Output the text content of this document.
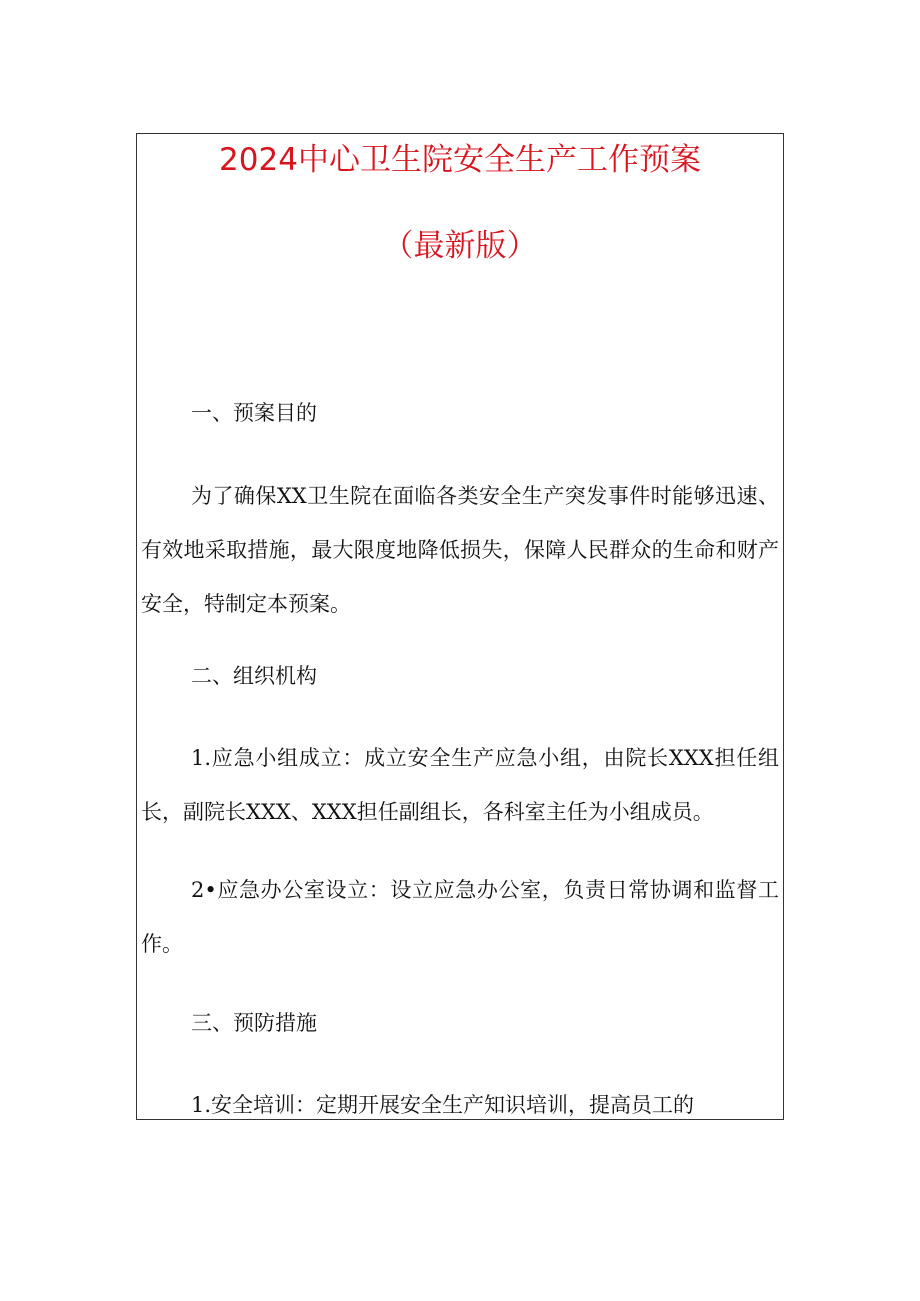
2024中心卫生院安全生产工作预案
（最新版）

一、预案目的

为了确保XX卫生院在面临各类安全生产突发事件时能够迅速、有效地采取措施，最大限度地降低损失，保障人民群众的生命和财产安全，特制定本预案。

二、组织机构

1.应急小组成立：成立安全生产应急小组，由院长XXX担任组长，副院长XXX、XXX担任副组长，各科室主任为小组成员。

2•应急办公室设立：设立应急办公室，负责日常协调和监督工作。

三、预防措施

1.安全培训：定期开展安全生产知识培训，提高员工的
